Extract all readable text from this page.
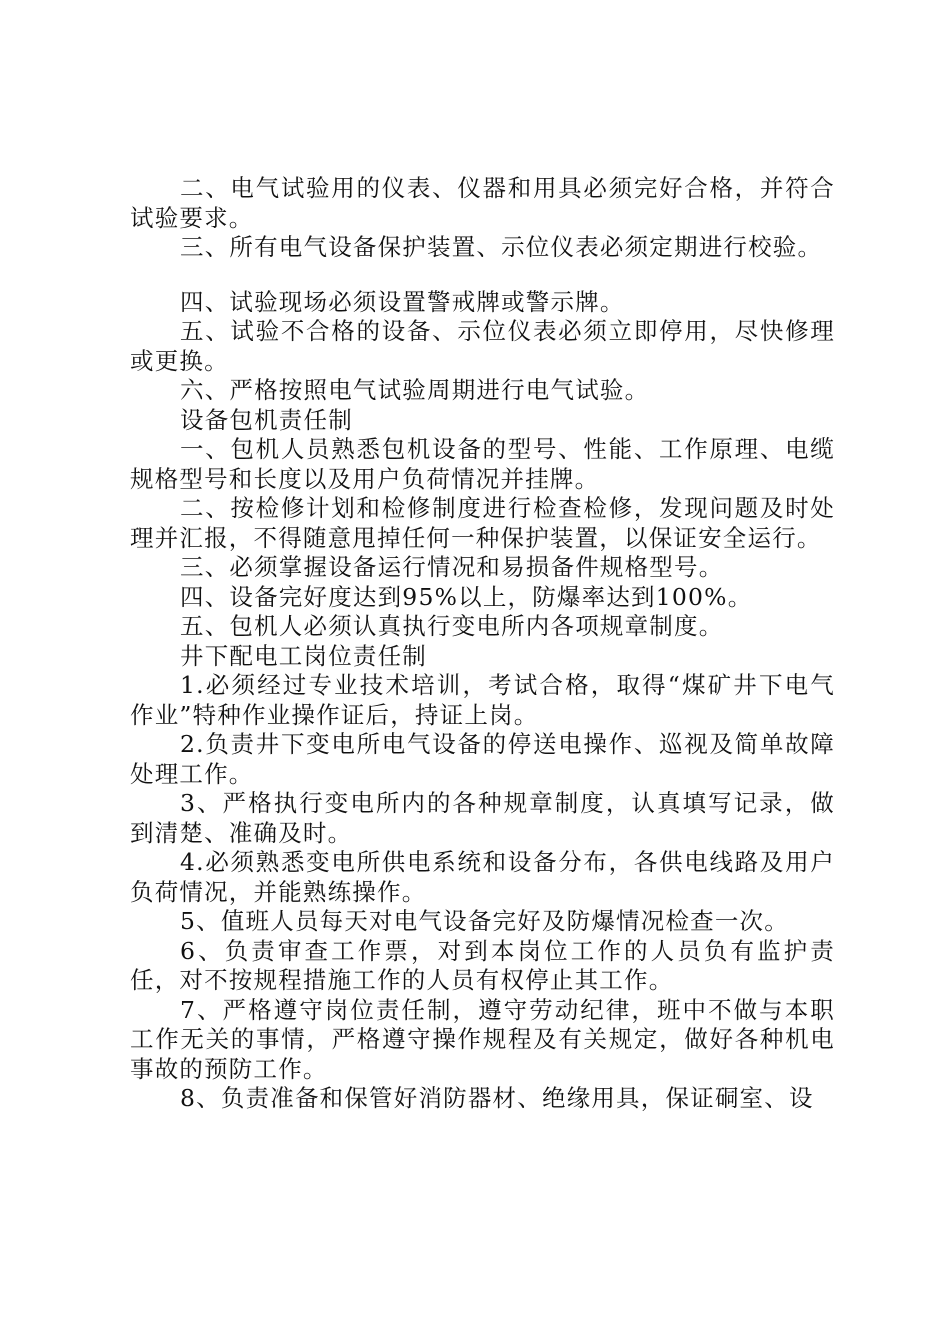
二、电气试验用的仪表、仪器和用具必须完好合格，并符合试验要求。

三、所有电气设备保护装置、示位仪表必须定期进行校验。

四、试验现场必须设置警戒牌或警示牌。

五、试验不合格的设备、示位仪表必须立即停用，尽快修理或更换。

六、严格按照电气试验周期进行电气试验。

设备包机责任制

一、包机人员熟悉包机设备的型号、性能、工作原理、电缆规格型号和长度以及用户负荷情况并挂牌。

二、按检修计划和检修制度进行检查检修，发现问题及时处理并汇报，不得随意甩掉任何一种保护装置，以保证安全运行。

三、必须掌握设备运行情况和易损备件规格型号。

四、设备完好度达到95%以上，防爆率达到100%。

五、包机人必须认真执行变电所内各项规章制度。

井下配电工岗位责任制

1.必须经过专业技术培训，考试合格，取得“煤矿井下电气作业”特种作业操作证后，持证上岗。

2.负责井下变电所电气设备的停送电操作、巡视及简单故障处理工作。

3、严格执行变电所内的各种规章制度，认真填写记录，做到清楚、准确及时。

4.必须熟悉变电所供电系统和设备分布，各供电线路及用户负荷情况，并能熟练操作。

5、值班人员每天对电气设备完好及防爆情况检查一次。

6、负责审查工作票，对到本岗位工作的人员负有监护责任，对不按规程措施工作的人员有权停止其工作。

7、严格遵守岗位责任制，遵守劳动纪律，班中不做与本职工作无关的事情，严格遵守操作规程及有关规定，做好各种机电事故的预防工作。

8、负责准备和保管好消防器材、绝缘用具，保证硐室、设
